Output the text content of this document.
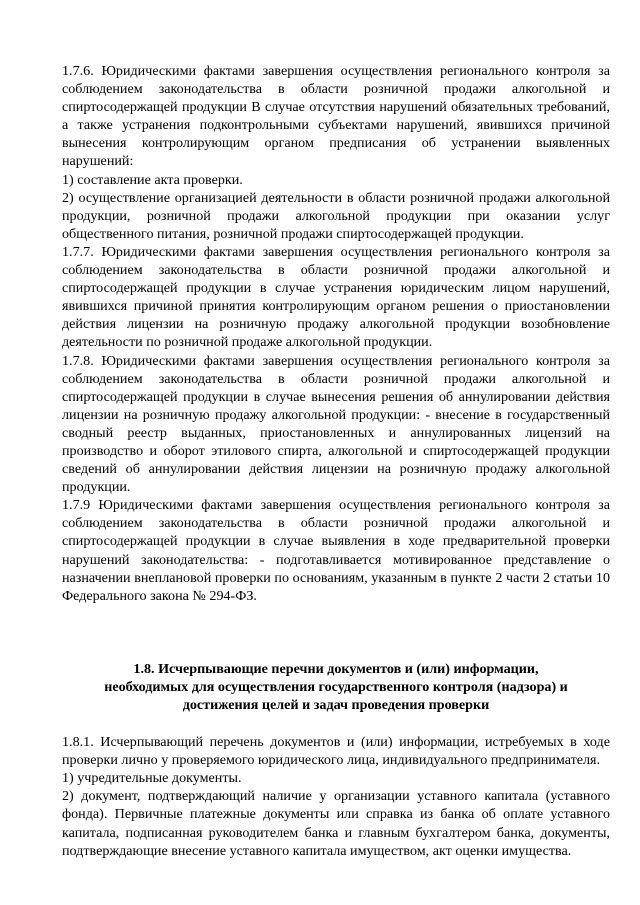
1.7.6. Юридическими фактами завершения осуществления регионального контроля за соблюдением законодательства в области розничной продажи алкогольной и спиртосодержащей продукции В случае отсутствия нарушений обязательных требований, а также устранения подконтрольными субъектами нарушений, явившихся причиной вынесения контролирующим органом предписания об устранении выявленных нарушений:

1) составление акта проверки.

2) осуществление организацией деятельности в области розничной продажи алкогольной продукции, розничной продажи алкогольной продукции при оказании услуг общественного питания, розничной продажи спиртосодержащей продукции.

1.7.7. Юридическими фактами завершения осуществления регионального контроля за соблюдением законодательства в области розничной продажи алкогольной и спиртосодержащей продукции в случае устранения юридическим лицом нарушений, явившихся причиной принятия контролирующим органом решения о приостановлении действия лицензии на розничную продажу алкогольной продукции возобновление деятельности по розничной продаже алкогольной продукции.

1.7.8. Юридическими фактами завершения осуществления регионального контроля за соблюдением законодательства в области розничной продажи алкогольной и спиртосодержащей продукции в случае вынесения решения об аннулировании действия лицензии на розничную продажу алкогольной продукции: - внесение в государственный сводный реестр выданных, приостановленных и аннулированных лицензий на производство и оборот этилового спирта, алкогольной и спиртосодержащей продукции сведений об аннулировании действия лицензии на розничную продажу алкогольной продукции.

1.7.9 Юридическими фактами завершения осуществления регионального контроля за соблюдением законодательства в области розничной продажи алкогольной и спиртосодержащей продукции в случае выявления в ходе предварительной проверки нарушений законодательства: - подготавливается мотивированное представление о назначении внеплановой проверки по основаниям, указанным в пункте 2 части 2 статьи 10 Федерального закона № 294-ФЗ.

1.8. Исчерпывающие перечни документов и (или) информации,
необходимых для осуществления государственного контроля (надзора) и
достижения целей и задач проведения проверки

1.8.1. Исчерпывающий перечень документов и (или) информации, истребуемых в ходе проверки лично у проверяемого юридического лица, индивидуального предпринимателя.

1) учредительные документы.

2) документ, подтверждающий наличие у организации уставного капитала (уставного фонда). Первичные платежные документы или справка из банка об оплате уставного капитала, подписанная руководителем банка и главным бухгалтером банка, документы, подтверждающие внесение уставного капитала имуществом, акт оценки имущества.
